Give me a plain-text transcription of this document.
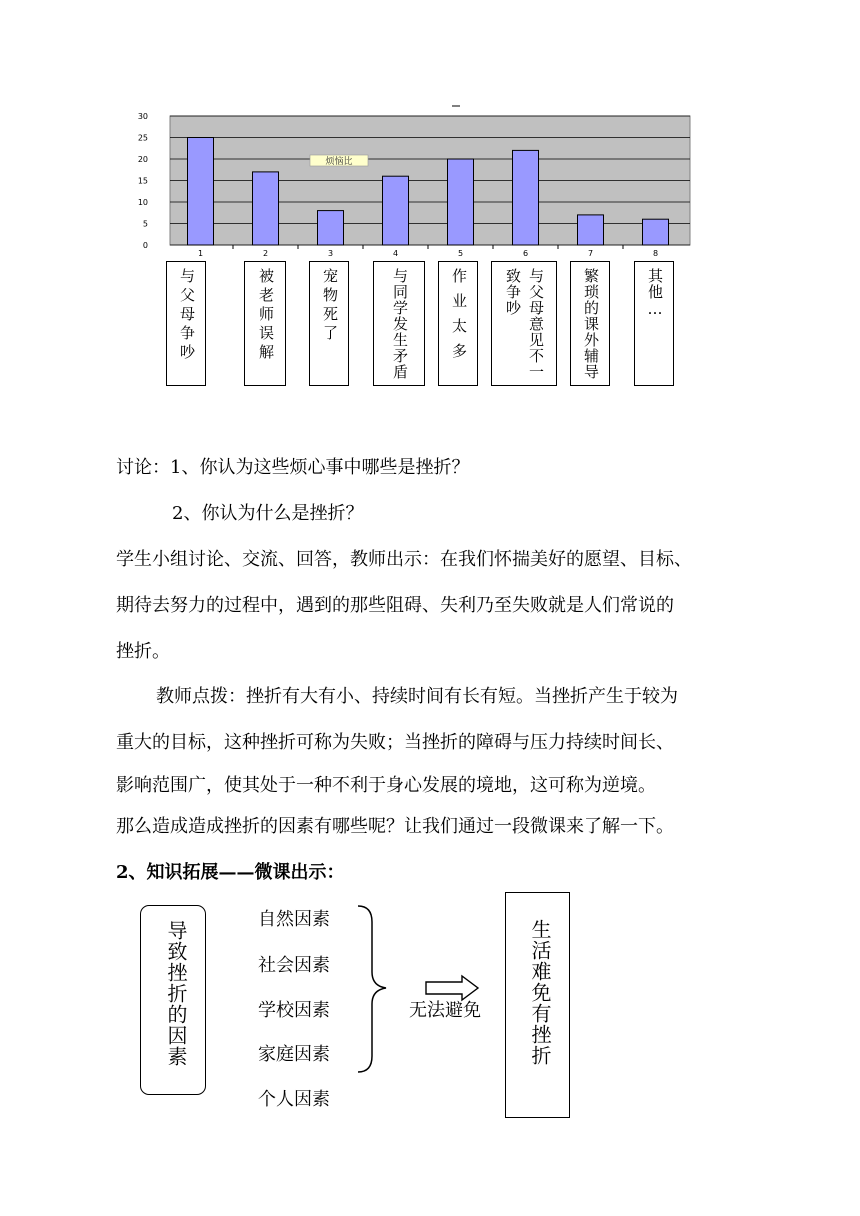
0
5
10
15
20
25
30
1	2	3	4	5	6	7	8
烦恼比
与父母争吵	被老师误解	宠物死了	与同学发生矛盾	作业太多	与父母意见不一
致争吵	繁琐的课外辅导	其他…
讨论：1、你认为这些烦心事中哪些是挫折？
2、你认为什么是挫折？
学生小组讨论、交流、回答，教师出示：在我们怀揣美好的愿望、目标、
期待去努力的过程中，遇到的那些阻碍、失利乃至失败就是人们常说的
挫折。
教师点拨：挫折有大有小、持续时间有长有短。当挫折产生于较为
重大的目标，这种挫折可称为失败；当挫折的障碍与压力持续时间长、
影响范围广，使其处于一种不利于身心发展的境地，这可称为逆境。
那么造成造成挫折的因素有哪些呢？让我们通过一段微课来了解一下。
2、知识拓展——微课出示：
导致挫折的因素
自然因素
社会因素
学校因素
家庭因素
个人因素
无法避免 生活难免有挫折
